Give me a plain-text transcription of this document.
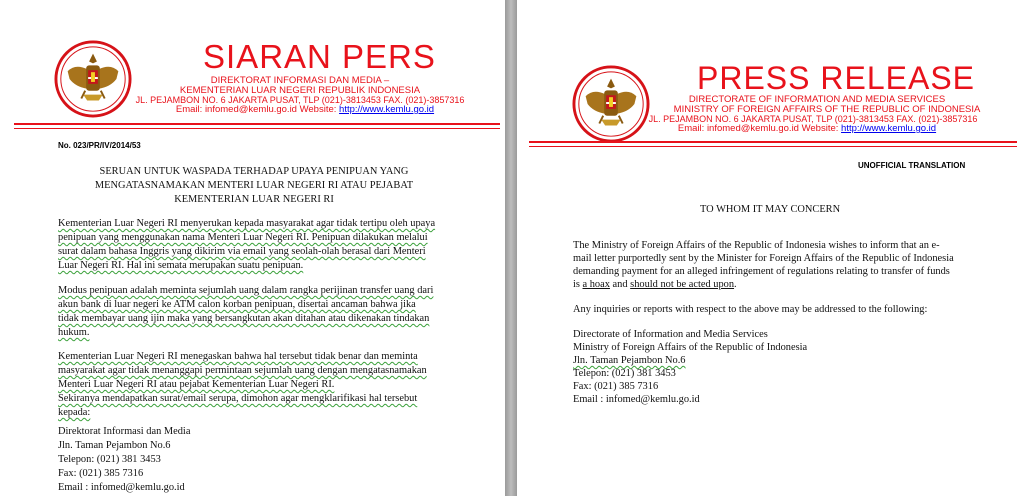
SIARAN PERS
DIREKTORAT INFORMASI DAN MEDIA –
KEMENTERIAN LUAR NEGERI REPUBLIK INDONESIA
JL. PEJAMBON NO. 6 JAKARTA PUSAT, TLP (021)-3813453 FAX. (021)-3857316
Email: infomed@kemlu.go.id Website: http://www.kemlu.go.id
No. 023/PR/IV/2014/53
SERUAN UNTUK WASPADA TERHADAP UPAYA PENIPUAN YANG
MENGATASNAMAKAN MENTERI LUAR NEGERI RI ATAU PEJABAT
KEMENTERIAN LUAR NEGERI RI
Kementerian Luar Negeri RI menyerukan kepada masyarakat agar tidak tertipu oleh upaya
penipuan yang menggunakan nama Menteri Luar Negeri RI. Penipuan dilakukan melalui
surat dalam bahasa Inggris yang dikirim via email yang seolah-olah berasal dari Menteri
Luar Negeri RI. Hal ini semata merupakan suatu penipuan.
Modus penipuan adalah meminta sejumlah uang dalam rangka perijinan transfer uang dari
akun bank di luar negeri ke ATM calon korban penipuan, disertai ancaman bahwa jika
tidak membayar uang ijin maka yang bersangkutan akan ditahan atau dikenakan tindakan
hukum.
Kementerian Luar Negeri RI menegaskan bahwa hal tersebut tidak benar dan meminta
masyarakat agar tidak menanggapi permintaan sejumlah uang dengan mengatasnamakan
Menteri Luar Negeri RI atau pejabat Kementerian Luar Negeri RI.
Sekiranya mendapatkan surat/email serupa, dimohon agar mengklarifikasi hal tersebut
kepada:
Direktorat Informasi dan Media
Jln. Taman Pejambon No.6
Telepon: (021) 381 3453
Fax: (021) 385 7316
Email : infomed@kemlu.go.id
PRESS RELEASE
DIRECTORATE OF INFORMATION AND MEDIA SERVICES
MINISTRY OF FOREIGN AFFAIRS OF THE REPUBLIC OF INDONESIA
JL. PEJAMBON NO. 6 JAKARTA PUSAT, TLP (021)-3813453 FAX. (021)-3857316
Email: infomed@kemlu.go.id Website: http://www.kemlu.go.id
UNOFFICIAL TRANSLATION
TO WHOM IT MAY CONCERN
The Ministry of Foreign Affairs of the Republic of Indonesia wishes to inform that an e-
mail letter purportedly sent by the Minister for Foreign Affairs of the Republic of Indonesia
demanding payment for an alleged infringement of regulations relating to transfer of funds
is a hoax and should not be acted upon.
Any inquiries or reports with respect to the above may be addressed to the following:
Directorate of Information and Media Services
Ministry of Foreign Affairs of the Republic of Indonesia
Jln. Taman Pejambon No.6
Telepon: (021) 381 3453
Fax: (021) 385 7316
Email : infomed@kemlu.go.id
